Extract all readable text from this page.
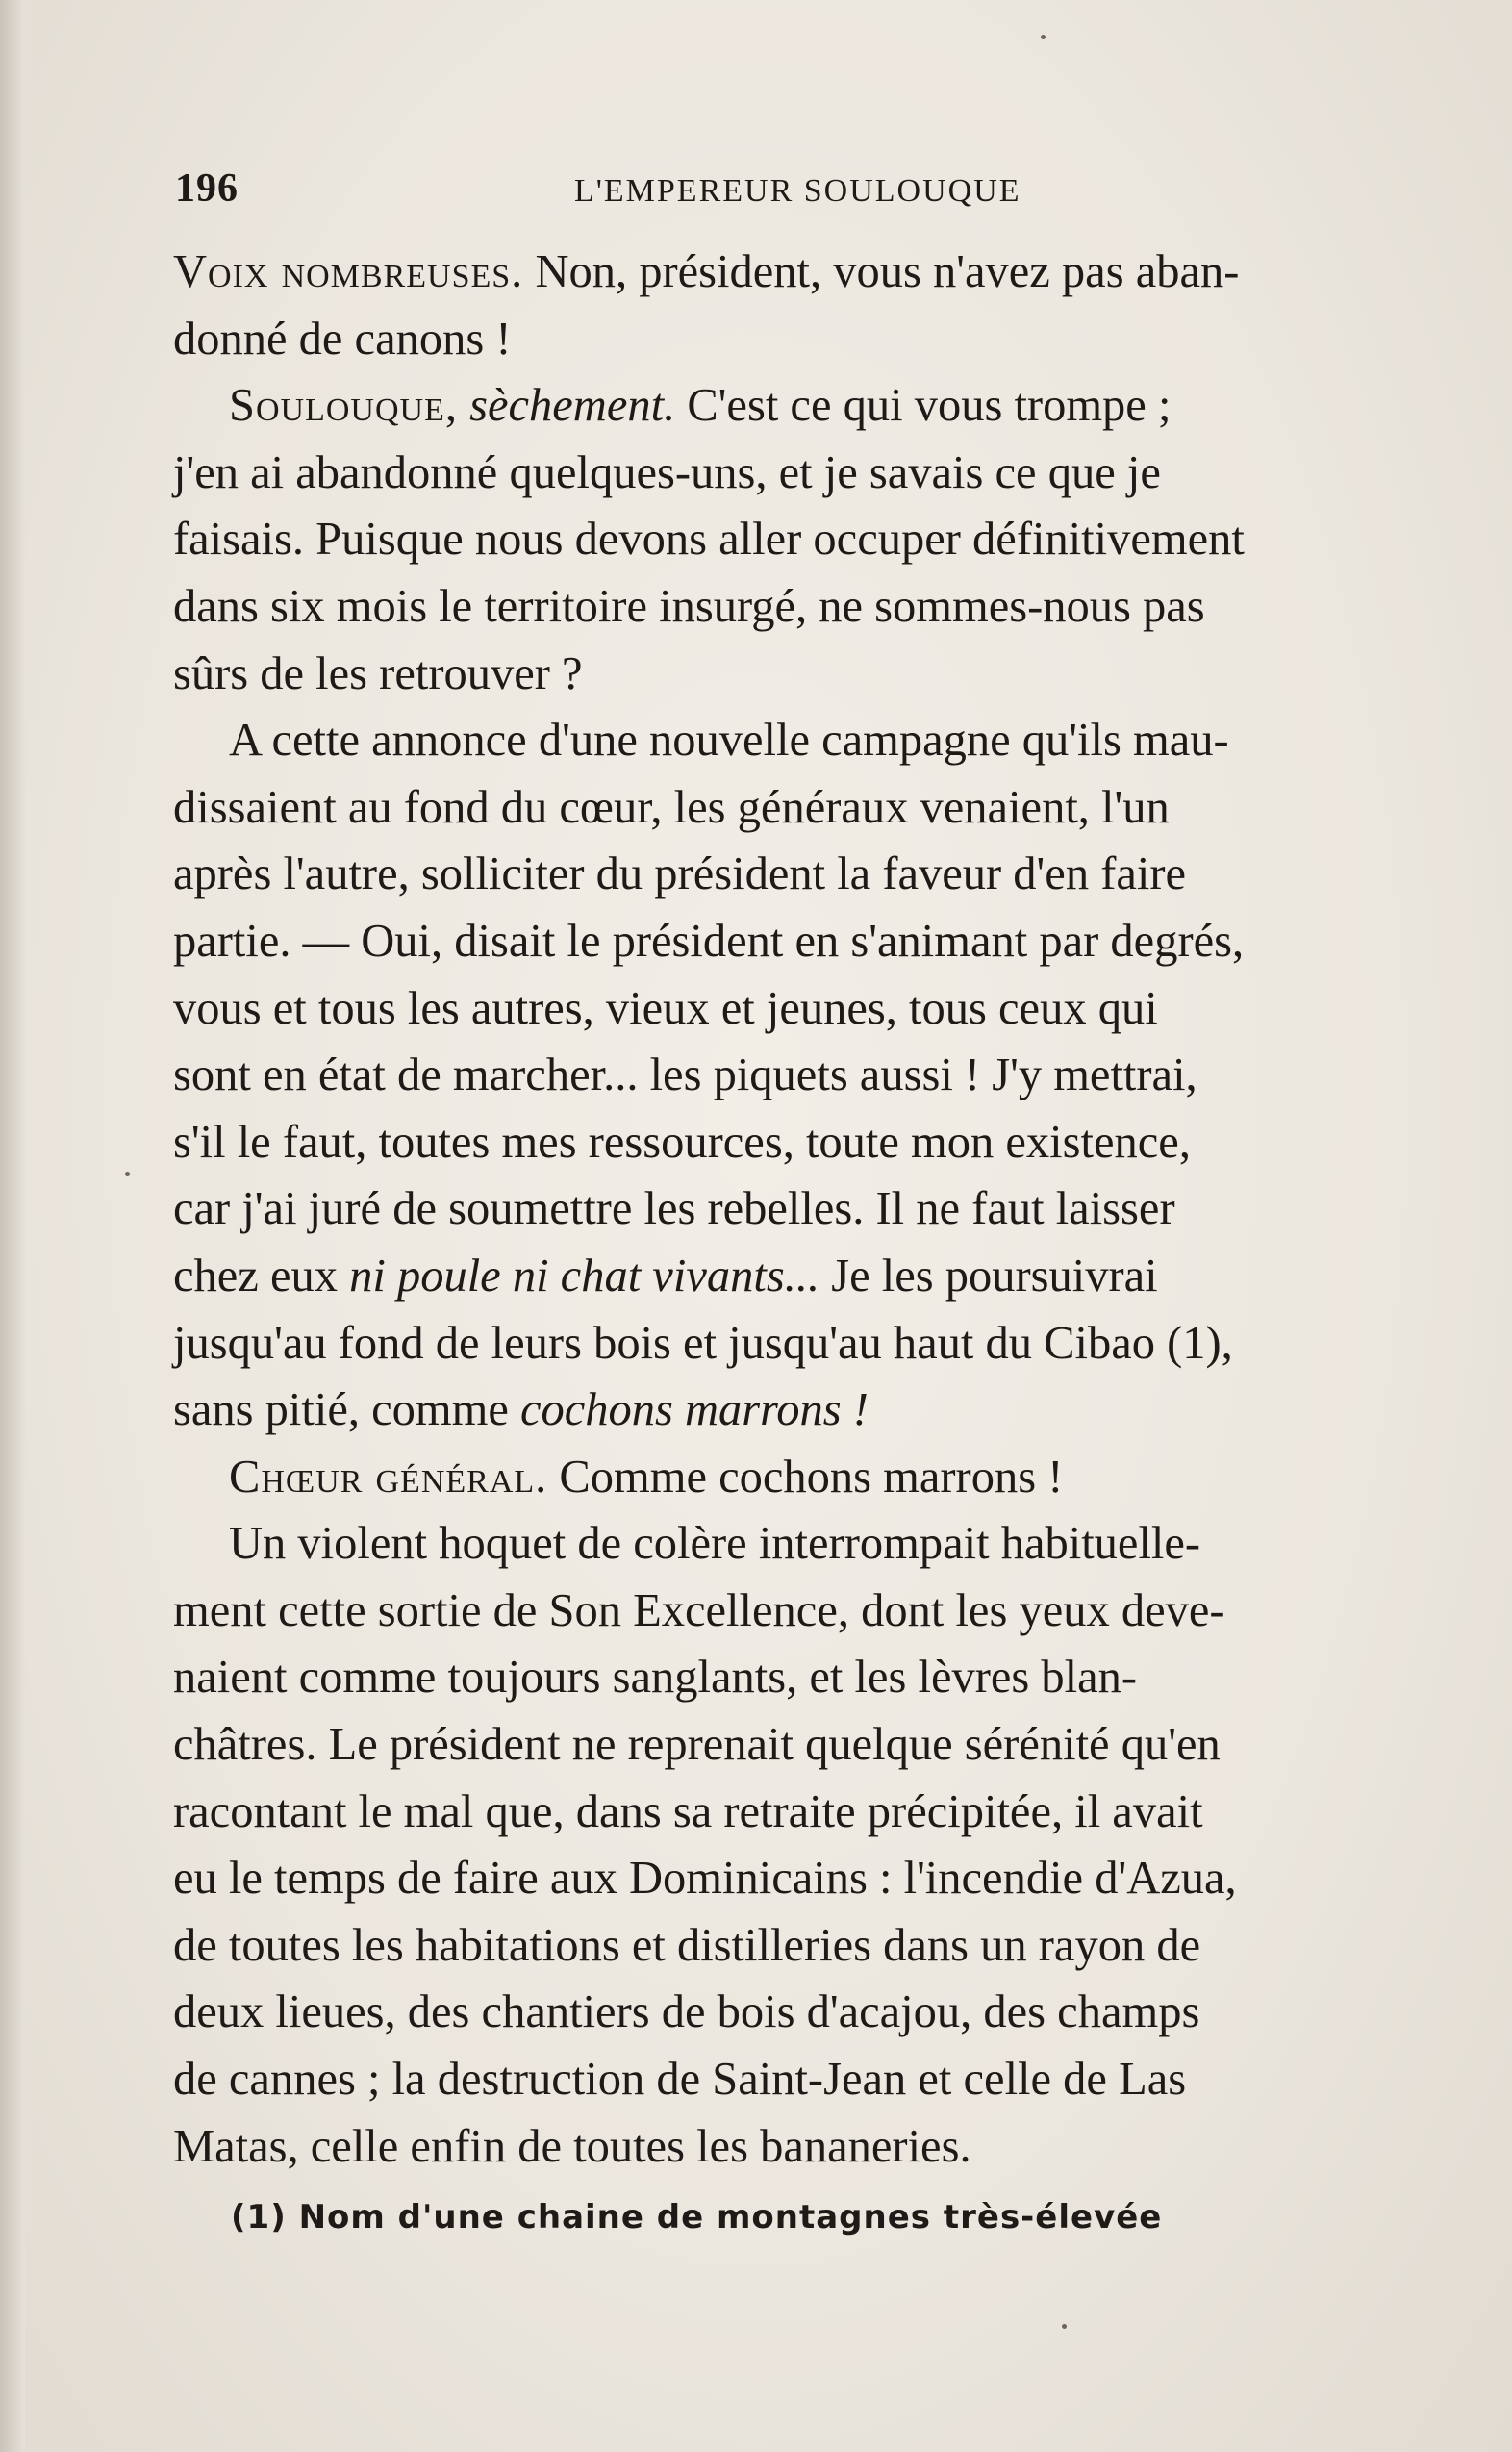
196	L'EMPEREUR SOULOUQUE
Voix nombreuses. Non, président, vous n'avez pas aban-
donné de canons !
Soulouque, sèchement. C'est ce qui vous trompe ;
j'en ai abandonné quelques-uns, et je savais ce que je
faisais. Puisque nous devons aller occuper définitivement
dans six mois le territoire insurgé, ne sommes-nous pas
sûrs de les retrouver ?
A cette annonce d'une nouvelle campagne qu'ils mau-
dissaient au fond du cœur, les généraux venaient, l'un
après l'autre, solliciter du président la faveur d'en faire
partie. — Oui, disait le président en s'animant par degrés,
vous et tous les autres, vieux et jeunes, tous ceux qui
sont en état de marcher... les piquets aussi ! J'y mettrai,
s'il le faut, toutes mes ressources, toute mon existence,
car j'ai juré de soumettre les rebelles. Il ne faut laisser
chez eux ni poule ni chat vivants... Je les poursuivrai
jusqu'au fond de leurs bois et jusqu'au haut du Cibao (1),
sans pitié, comme cochons marrons !
Chœur général. Comme cochons marrons !
Un violent hoquet de colère interrompait habituelle-
ment cette sortie de Son Excellence, dont les yeux deve-
naient comme toujours sanglants, et les lèvres blan-
châtres. Le président ne reprenait quelque sérénité qu'en
racontant le mal que, dans sa retraite précipitée, il avait
eu le temps de faire aux Dominicains : l'incendie d'Azua,
de toutes les habitations et distilleries dans un rayon de
deux lieues, des chantiers de bois d'acajou, des champs
de cannes ; la destruction de Saint-Jean et celle de Las
Matas, celle enfin de toutes les bananeries.
(1) Nom d'une chaine de montagnes très-élevée
